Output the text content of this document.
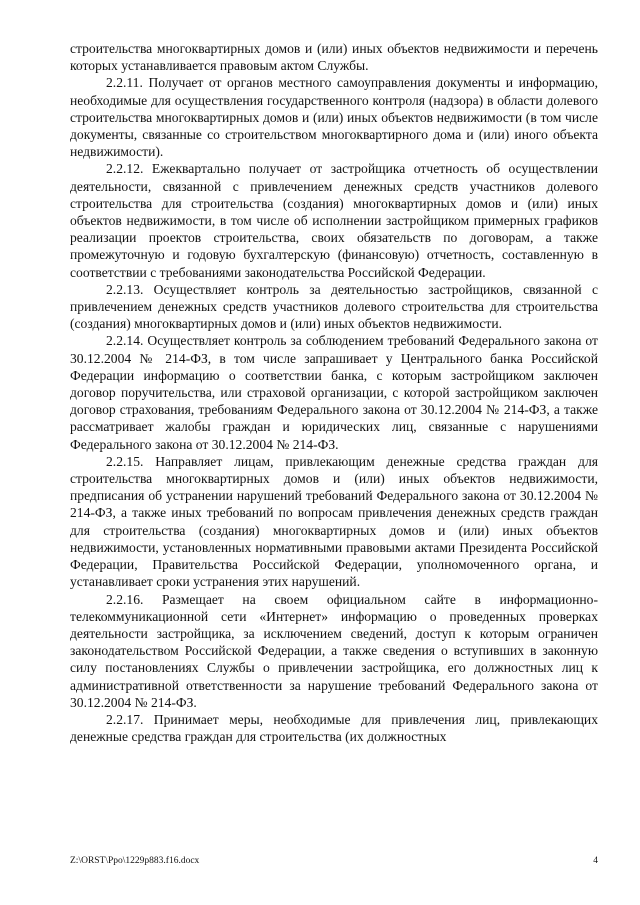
строительства многоквартирных домов и (или) иных объектов недвижимости и перечень которых устанавливается правовым актом Службы.

2.2.11. Получает от органов местного самоуправления документы и информацию, необходимые для осуществления государственного контроля (надзора) в области долевого строительства многоквартирных домов и (или) иных объектов недвижимости (в том числе документы, связанные со строительством многоквартирного дома и (или) иного объекта недвижимости).

2.2.12. Ежеквартально получает от застройщика отчетность об осуществлении деятельности, связанной с привлечением денежных средств участников долевого строительства для строительства (создания) многоквартирных домов и (или) иных объектов недвижимости, в том числе об исполнении застройщиком примерных графиков реализации проектов строительства, своих обязательств по договорам, а также промежуточную и годовую бухгалтерскую (финансовую) отчетность, составленную в соответствии с требованиями законодательства Российской Федерации.

2.2.13. Осуществляет контроль за деятельностью застройщиков, связанной с привлечением денежных средств участников долевого строительства для строительства (создания) многоквартирных домов и (или) иных объектов недвижимости.

2.2.14. Осуществляет контроль за соблюдением требований Федерального закона от 30.12.2004 № 214-ФЗ, в том числе запрашивает у Центрального банка Российской Федерации информацию о соответствии банка, с которым застройщиком заключен договор поручительства, или страховой организации, с которой застройщиком заключен договор страхования, требованиям Федерального закона от 30.12.2004 № 214-ФЗ, а также рассматривает жалобы граждан и юридических лиц, связанные с нарушениями Федерального закона от 30.12.2004 № 214-ФЗ.

2.2.15. Направляет лицам, привлекающим денежные средства граждан для строительства многоквартирных домов и (или) иных объектов недвижимости, предписания об устранении нарушений требований Федерального закона от 30.12.2004 № 214-ФЗ, а также иных требований по вопросам привлечения денежных средств граждан для строительства (создания) многоквартирных домов и (или) иных объектов недвижимости, установленных нормативными правовыми актами Президента Российской Федерации, Правительства Российской Федерации, уполномоченного органа, и устанавливает сроки устранения этих нарушений.

2.2.16. Размещает на своем официальном сайте в информационно-телекоммуникационной сети «Интернет» информацию о проведенных проверках деятельности застройщика, за исключением сведений, доступ к которым ограничен законодательством Российской Федерации, а также сведения о вступивших в законную силу постановлениях Службы о привлечении застройщика, его должностных лиц к административной ответственности за нарушение требований Федерального закона от 30.12.2004 № 214-ФЗ.

2.2.17. Принимает меры, необходимые для привлечения лиц, привлекающих денежные средства граждан для строительства (их должностных

Z:\ORST\Ppo\1229p883.f16.docx	4
